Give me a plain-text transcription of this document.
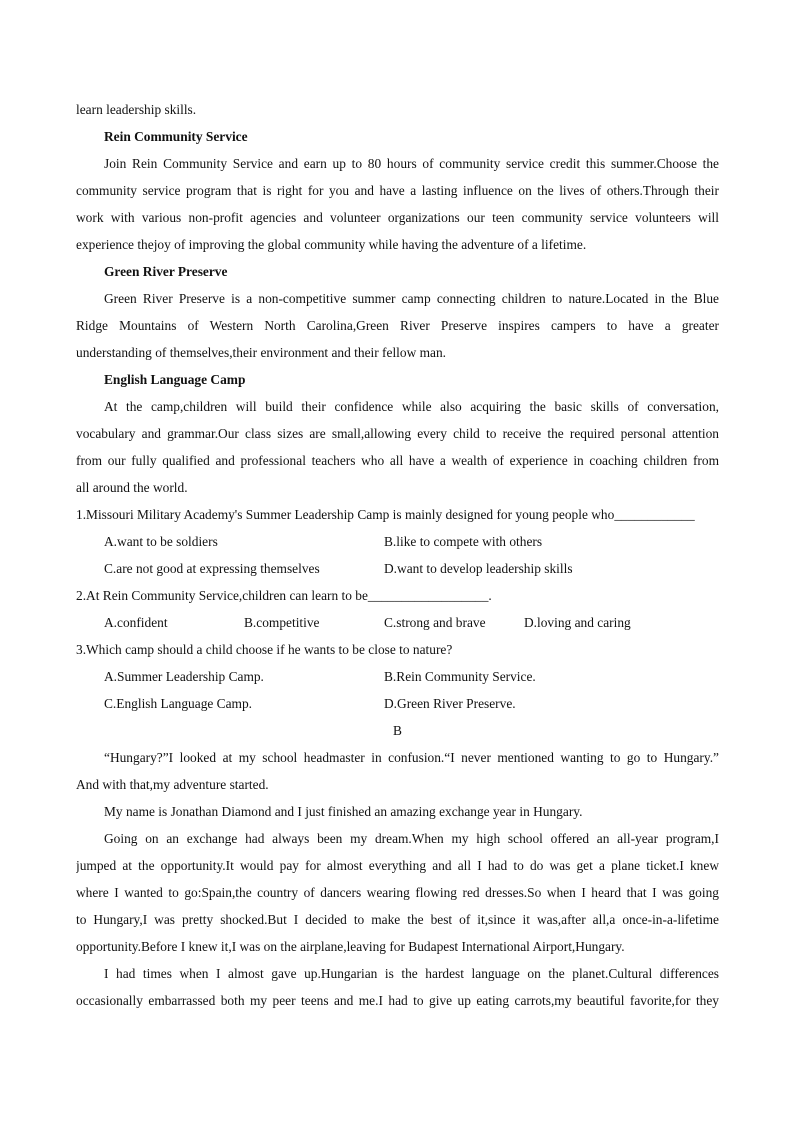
learn leadership skills.
Rein Community Service
Join Rein Community Service and earn up to 80 hours of community service credit this summer.Choose the
community service program that is right for you and have a lasting influence on the lives of others.Through their
work with various non-profit agencies and volunteer organizations our teen community service volunteers will
experience thejoy of improving the global community while having the adventure of a lifetime.
Green River Preserve
Green River Preserve is a non-competitive summer camp connecting children to nature.Located in the Blue
Ridge Mountains of Western North Carolina,Green River Preserve inspires campers to have a greater
understanding of themselves,their environment and their fellow man.
English Language Camp
At the camp,children will build their confidence while also acquiring the basic skills of conversation,
vocabulary and grammar.Our class sizes are small,allowing every child to receive the required personal attention
from our fully qualified and professional teachers who all have a wealth of experience in coaching children from
all around the world.
1.Missouri Military Academy's Summer Leadership Camp is mainly designed for young people who____________
A.want to be soldiers	B.like to compete with others
C.are not good at expressing themselves	D.want to develop leadership skills
2.At Rein Community Service,children can learn to be__________________.
A.confident	B.competitive	C.strong and brave	D.loving and caring
3.Which camp should a child choose if he wants to be close to nature?
A.Summer Leadership Camp.	B.Rein Community Service.
C.English Language Camp.	D.Green River Preserve.
B
“Hungary?”I looked at my school headmaster in confusion.“I never mentioned wanting to go to Hungary.”
And with that,my adventure started.
My name is Jonathan Diamond and I just finished an amazing exchange year in Hungary.
Going on an exchange had always been my dream.When my high school offered an all-year program,I
jumped at the opportunity.It would pay for almost everything and all I had to do was get a plane ticket.I knew
where I wanted to go:Spain,the country of dancers wearing flowing red dresses.So when I heard that I was going
to Hungary,I was pretty shocked.But I decided to make the best of it,since it was,after all,a once-in-a-lifetime
opportunity.Before I knew it,I was on the airplane,leaving for Budapest International Airport,Hungary.
I had times when I almost gave up.Hungarian is the hardest language on the planet.Cultural differences
occasionally embarrassed both my peer teens and me.I had to give up eating carrots,my beautiful favorite,for they
